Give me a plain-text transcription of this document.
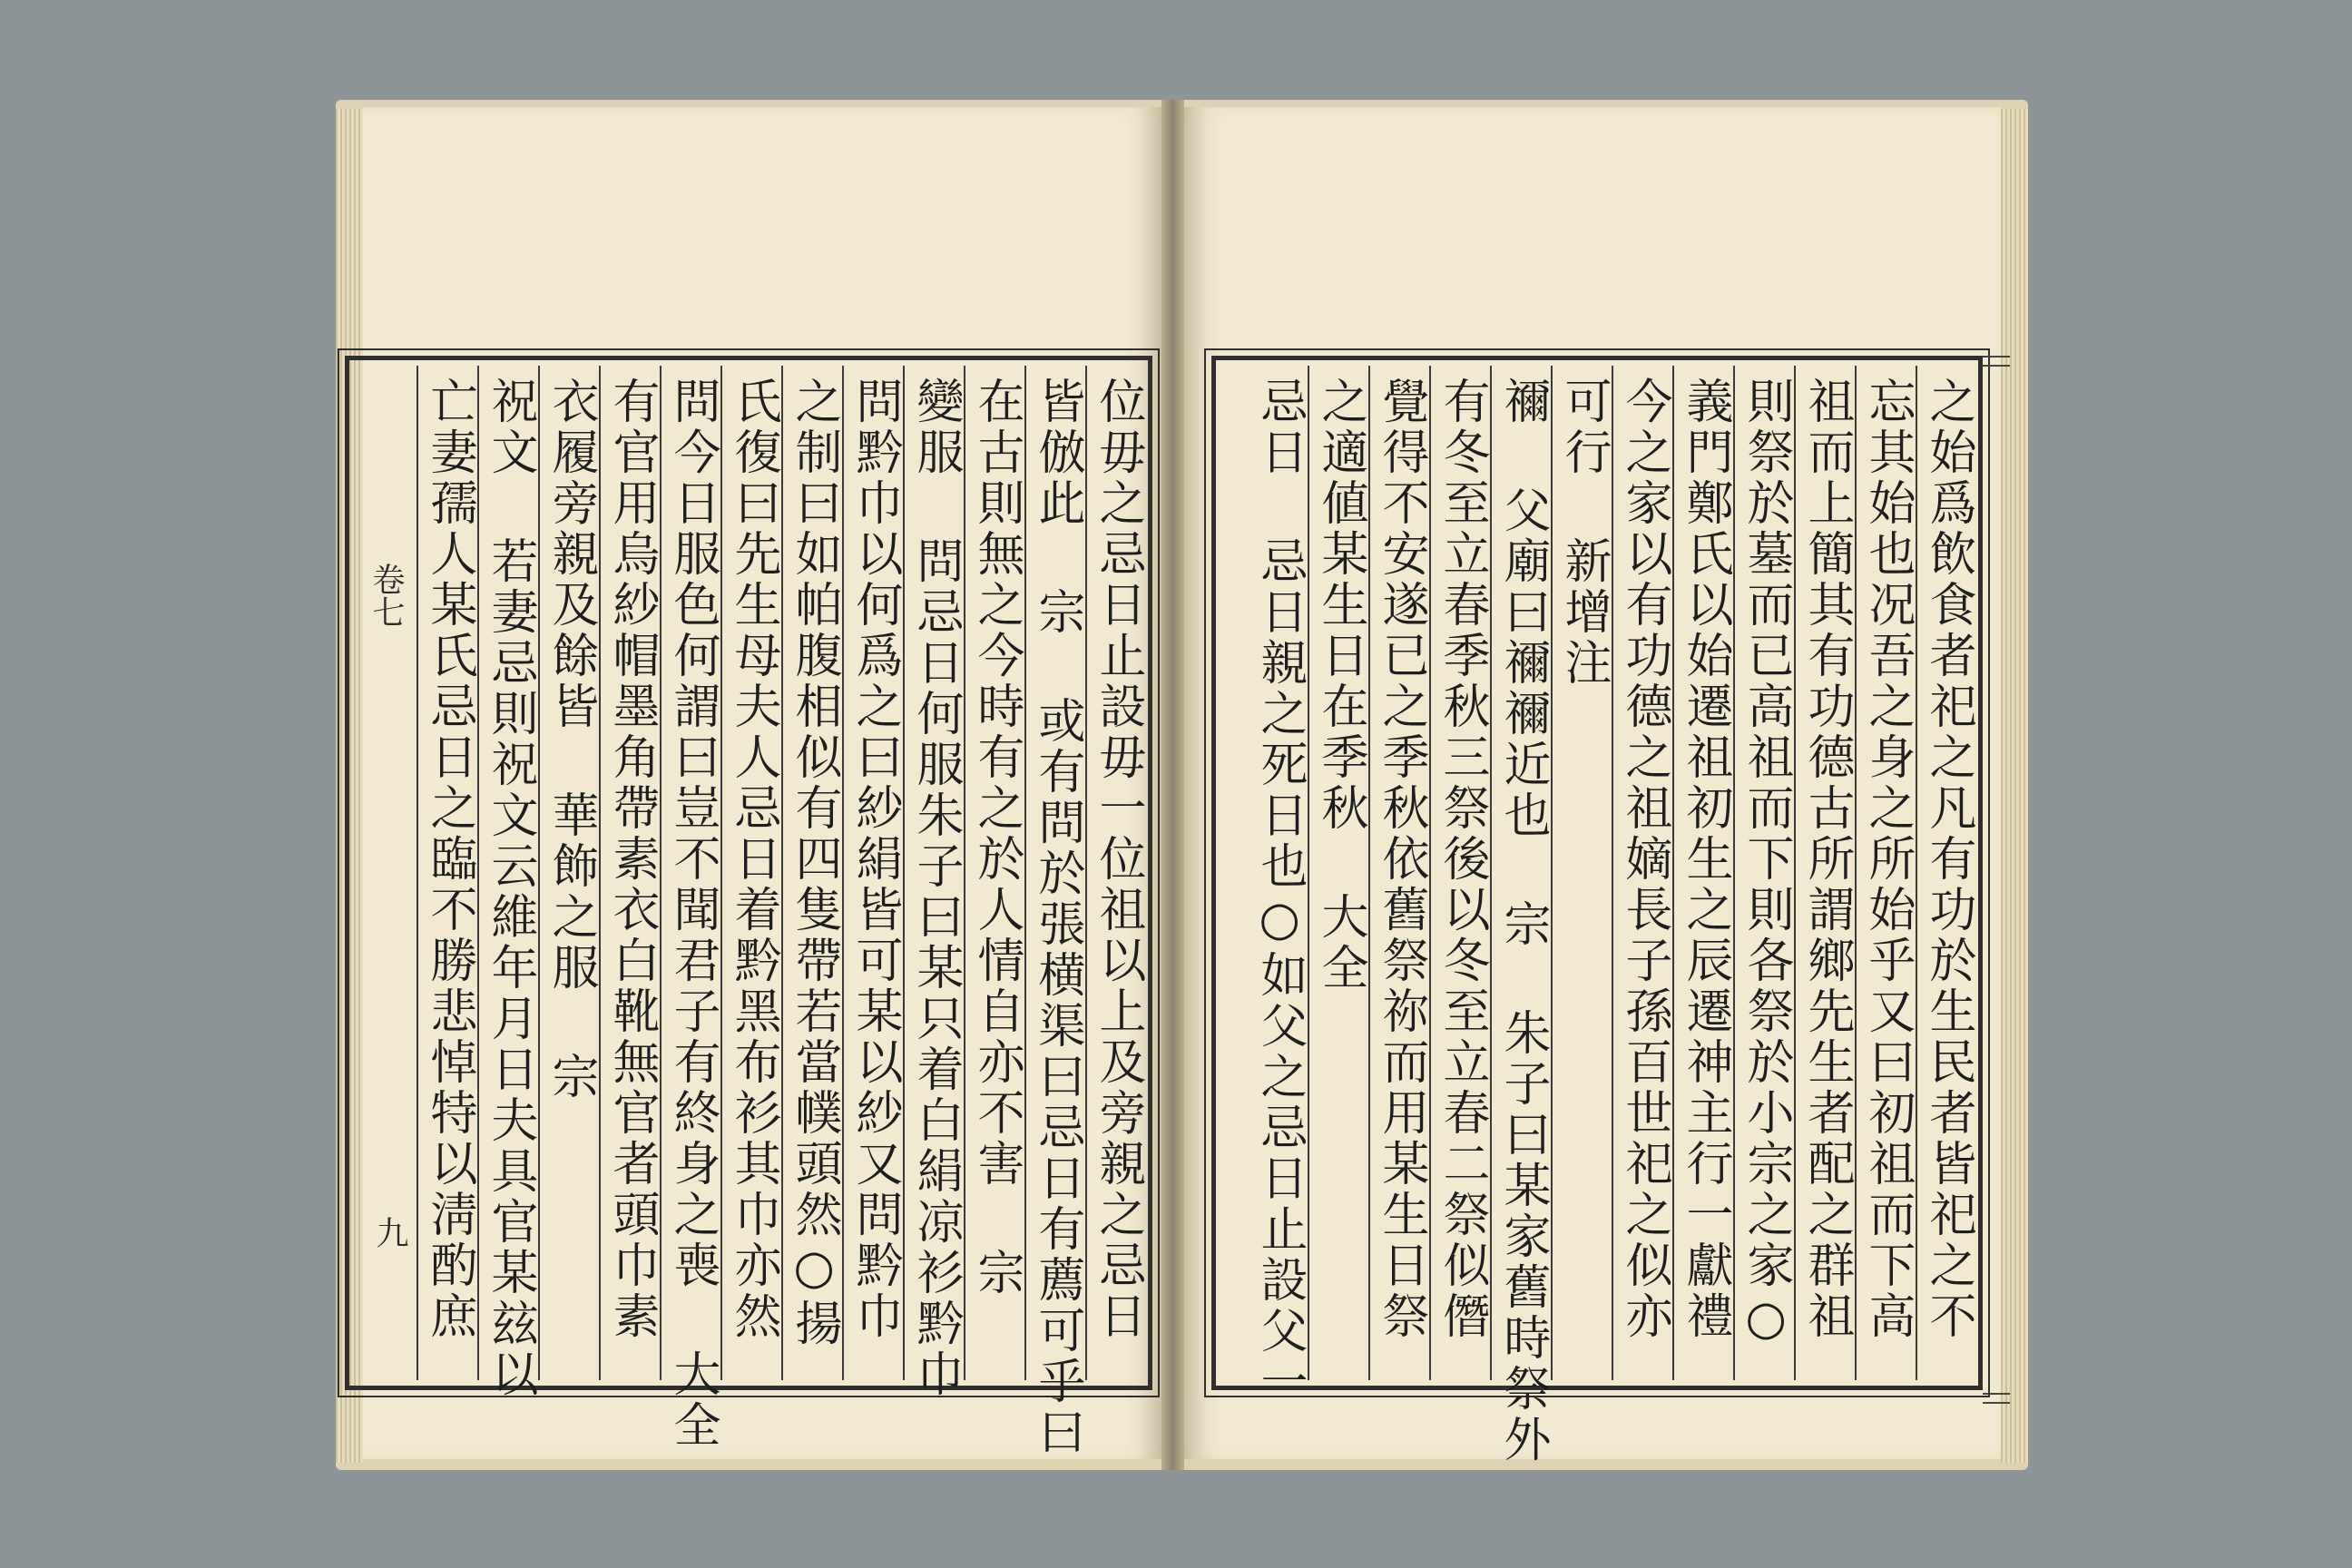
位毋之忌日止設毋一位祖以上及旁親之忌日
皆倣此 宗 或有問於張横渠曰忌日有薦可乎曰
在古則無之今時有之於人情自亦不害 宗
變服 問忌日何服朱子曰某只着白絹凉衫黔巾
問黔巾以何爲之曰紗絹皆可某以紗又問黔巾
之制曰如帕腹相似有四隻帶若當幞頭然○揚
氏復曰先生母夫人忌日着黔黑布衫其巾亦然
問今日服色何謂曰豈不聞君子有終身之喪 大全
有官用烏紗帽墨角帶素衣白靴無官者頭巾素
衣履旁親及餘皆 華飾之服 宗
祝文 若妻忌則祝文云維年月日夫具官某玆以
亡妻孺人某氏忌日之臨不勝悲悼特以淸酌庶
卷七
九	之始爲飲食者祀之凡有功於生民者皆祀之不
忘其始也况吾之身之所始乎又曰初祖而下高
祖而上簡其有功德古所謂鄉先生者配之群祖
則祭於墓而已高祖而下則各祭於小宗之家○
義門鄭氏以始遷祖初生之辰遷神主行一獻禮
今之家以有功德之祖嫡長子孫百世祀之似亦
可行 新增注
禰 父廟曰禰禰近也 宗 朱子曰某家舊時祭外
有冬至立春季秋三祭後以冬至立春二祭似僭
覺得不安遂已之季秋依舊祭祢而用某生日祭
之適値某生日在季秋 大全
忌日 忌日親之死日也○如父之忌日止設父一
